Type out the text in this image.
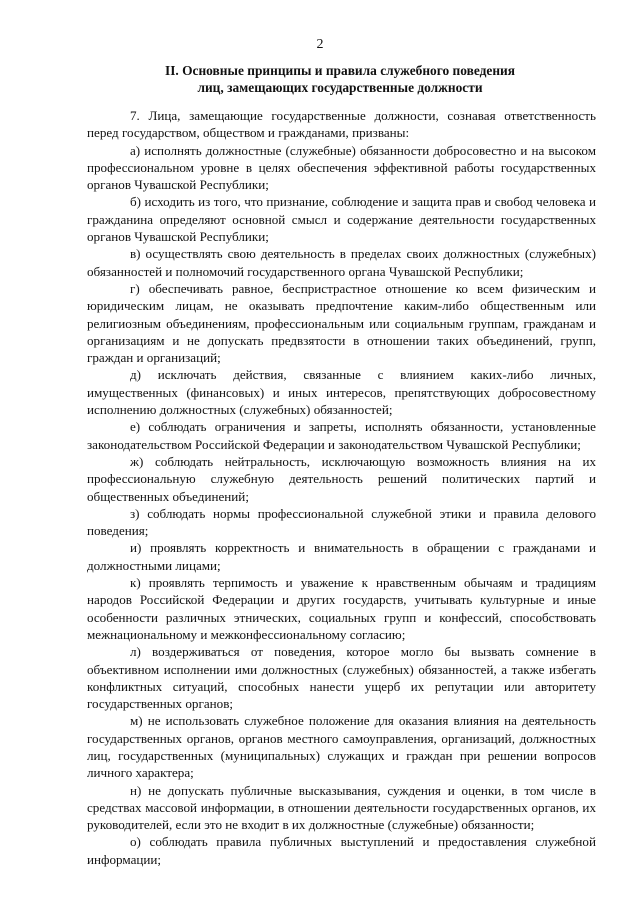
2
II. Основные принципы и правила служебного поведения
лиц, замещающих государственные должности

7. Лица, замещающие государственные должности, сознавая ответственность перед государством, обществом и гражданами, призваны:

а) исполнять должностные (служебные) обязанности добросовестно и на высоком профессиональном уровне в целях обеспечения эффективной работы государственных органов Чувашской Республики;

б) исходить из того, что признание, соблюдение и защита прав и свобод человека и гражданина определяют основной смысл и содержание деятельности государственных органов Чувашской Республики;

в) осуществлять свою деятельность в пределах своих должностных (служебных) обязанностей и полномочий государственного органа Чувашской Республики;

г) обеспечивать равное, беспристрастное отношение ко всем физическим и юридическим лицам, не оказывать предпочтение каким-либо общественным или религиозным объединениям, профессиональным или социальным группам, гражданам и организациям и не допускать предвзятости в отношении таких объединений, групп, граждан и организаций;

д) исключать действия, связанные с влиянием каких-либо личных, имущественных (финансовых) и иных интересов, препятствующих добросовестному исполнению должностных (служебных) обязанностей;

е) соблюдать ограничения и запреты, исполнять обязанности, установленные законодательством Российской Федерации и законодательством Чувашской Республики;

ж) соблюдать нейтральность, исключающую возможность влияния на их профессиональную служебную деятельность решений политических партий и общественных объединений;

з) соблюдать нормы профессиональной служебной этики и правила делового поведения;

и) проявлять корректность и внимательность в обращении с гражданами и должностными лицами;

к) проявлять терпимость и уважение к нравственным обычаям и традициям народов Российской Федерации и других государств, учитывать культурные и иные особенности различных этнических, социальных групп и конфессий, способствовать межнациональному и межконфессиональному согласию;

л) воздерживаться от поведения, которое могло бы вызвать сомнение в объективном исполнении ими должностных (служебных) обязанностей, а также избегать конфликтных ситуаций, способных нанести ущерб их репутации или авторитету государственных органов;

м) не использовать служебное положение для оказания влияния на деятельность государственных органов, органов местного самоуправления, организаций, должностных лиц, государственных (муниципальных) служащих и граждан при решении вопросов личного характера;

н) не допускать публичные высказывания, суждения и оценки, в том числе в средствах массовой информации, в отношении деятельности государственных органов, их руководителей, если это не входит в их должностные (служебные) обязанности;

о) соблюдать правила публичных выступлений и предоставления служебной информации;
